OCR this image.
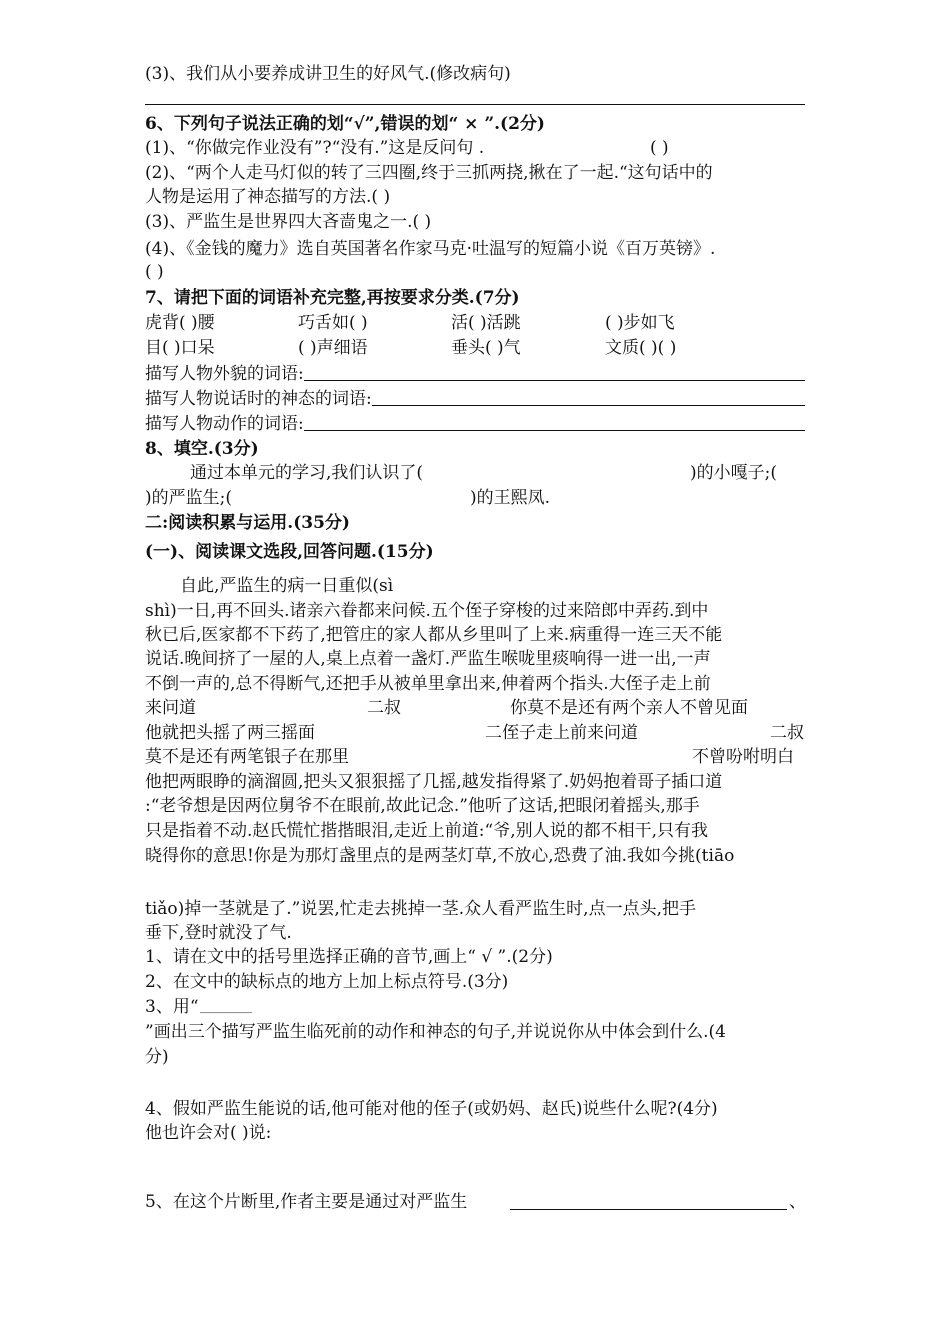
(3)、我们从小要养成讲卫生的好风气.(修改病句)
6、下列句子说法正确的划“√”,错误的划“ × ”.(2分)
(1)、“你做完作业没有”?“没有.”这是反问句 .	( )
(2)、“两个人走马灯似的转了三四圈,终于三抓两挠,揪在了一起.“这句话中的
人物是运用了神态描写的方法.( )
(3)、严监生是世界四大吝啬鬼之一.( )
(4)、《金钱的魔力》选自英国著名作家马克·吐温写的短篇小说《百万英镑》.
( )
7、请把下面的词语补充完整,再按要求分类.(7分)
虎背( )腰	巧舌如( )	活( )活跳	( )步如飞
目( )口呆	( )声细语	垂头( )气	文质( )( )
描写人物外貌的词语:
描写人物说话时的神态的词语:
描写人物动作的词语:
8、填空.(3分)
通过本单元的学习,我们认识了(	)的小嘎子;(
)的严监生;(	)的王熙凤.
二:阅读积累与运用.(35分)
(一)、阅读课文选段,回答问题.(15分)
自此,严监生的病一日重似(sì
shì)一日,再不回头.诸亲六眷都来问候.五个侄子穿梭的过来陪郎中弄药.到中
秋已后,医家都不下药了,把管庄的家人都从乡里叫了上来.病重得一连三天不能
说话.晚间挤了一屋的人,桌上点着一盏灯.严监生喉咙里痰响得一进一出,一声
不倒一声的,总不得断气,还把手从被单里拿出来,伸着两个指头.大侄子走上前
来问道	二叔	你莫不是还有两个亲人不曾见面
他就把头摇了两三摇面	二侄子走上前来问道	二叔
莫不是还有两笔银子在那里	不曾吩咐明白
他把两眼睁的滴溜圆,把头又狠狠摇了几摇,越发指得紧了.奶妈抱着哥子插口道
:“老爷想是因两位舅爷不在眼前,故此记念.”他听了这话,把眼闭着摇头,那手
只是指着不动.赵氏慌忙揩揩眼泪,走近上前道:“爷,别人说的都不相干,只有我
晓得你的意思!你是为那灯盏里点的是两茎灯草,不放心,恐费了油.我如今挑(tiāo
tiǎo)掉一茎就是了.”说罢,忙走去挑掉一茎.众人看严监生时,点一点头,把手
垂下,登时就没了气.
1、请在文中的括号里选择正确的音节,画上“ √ ”.(2分)
2、在文中的缺标点的地方上加上标点符号.(3分)
3、用“ ________
”画出三个描写严监生临死前的动作和神态的句子,并说说你从中体会到什么.(4
分)
4、假如严监生能说的话,他可能对他的侄子(或奶妈、赵氏)说些什么呢?(4分)
他也许会对( )说:
5、在这个片断里,作者主要是通过对严监生	、
